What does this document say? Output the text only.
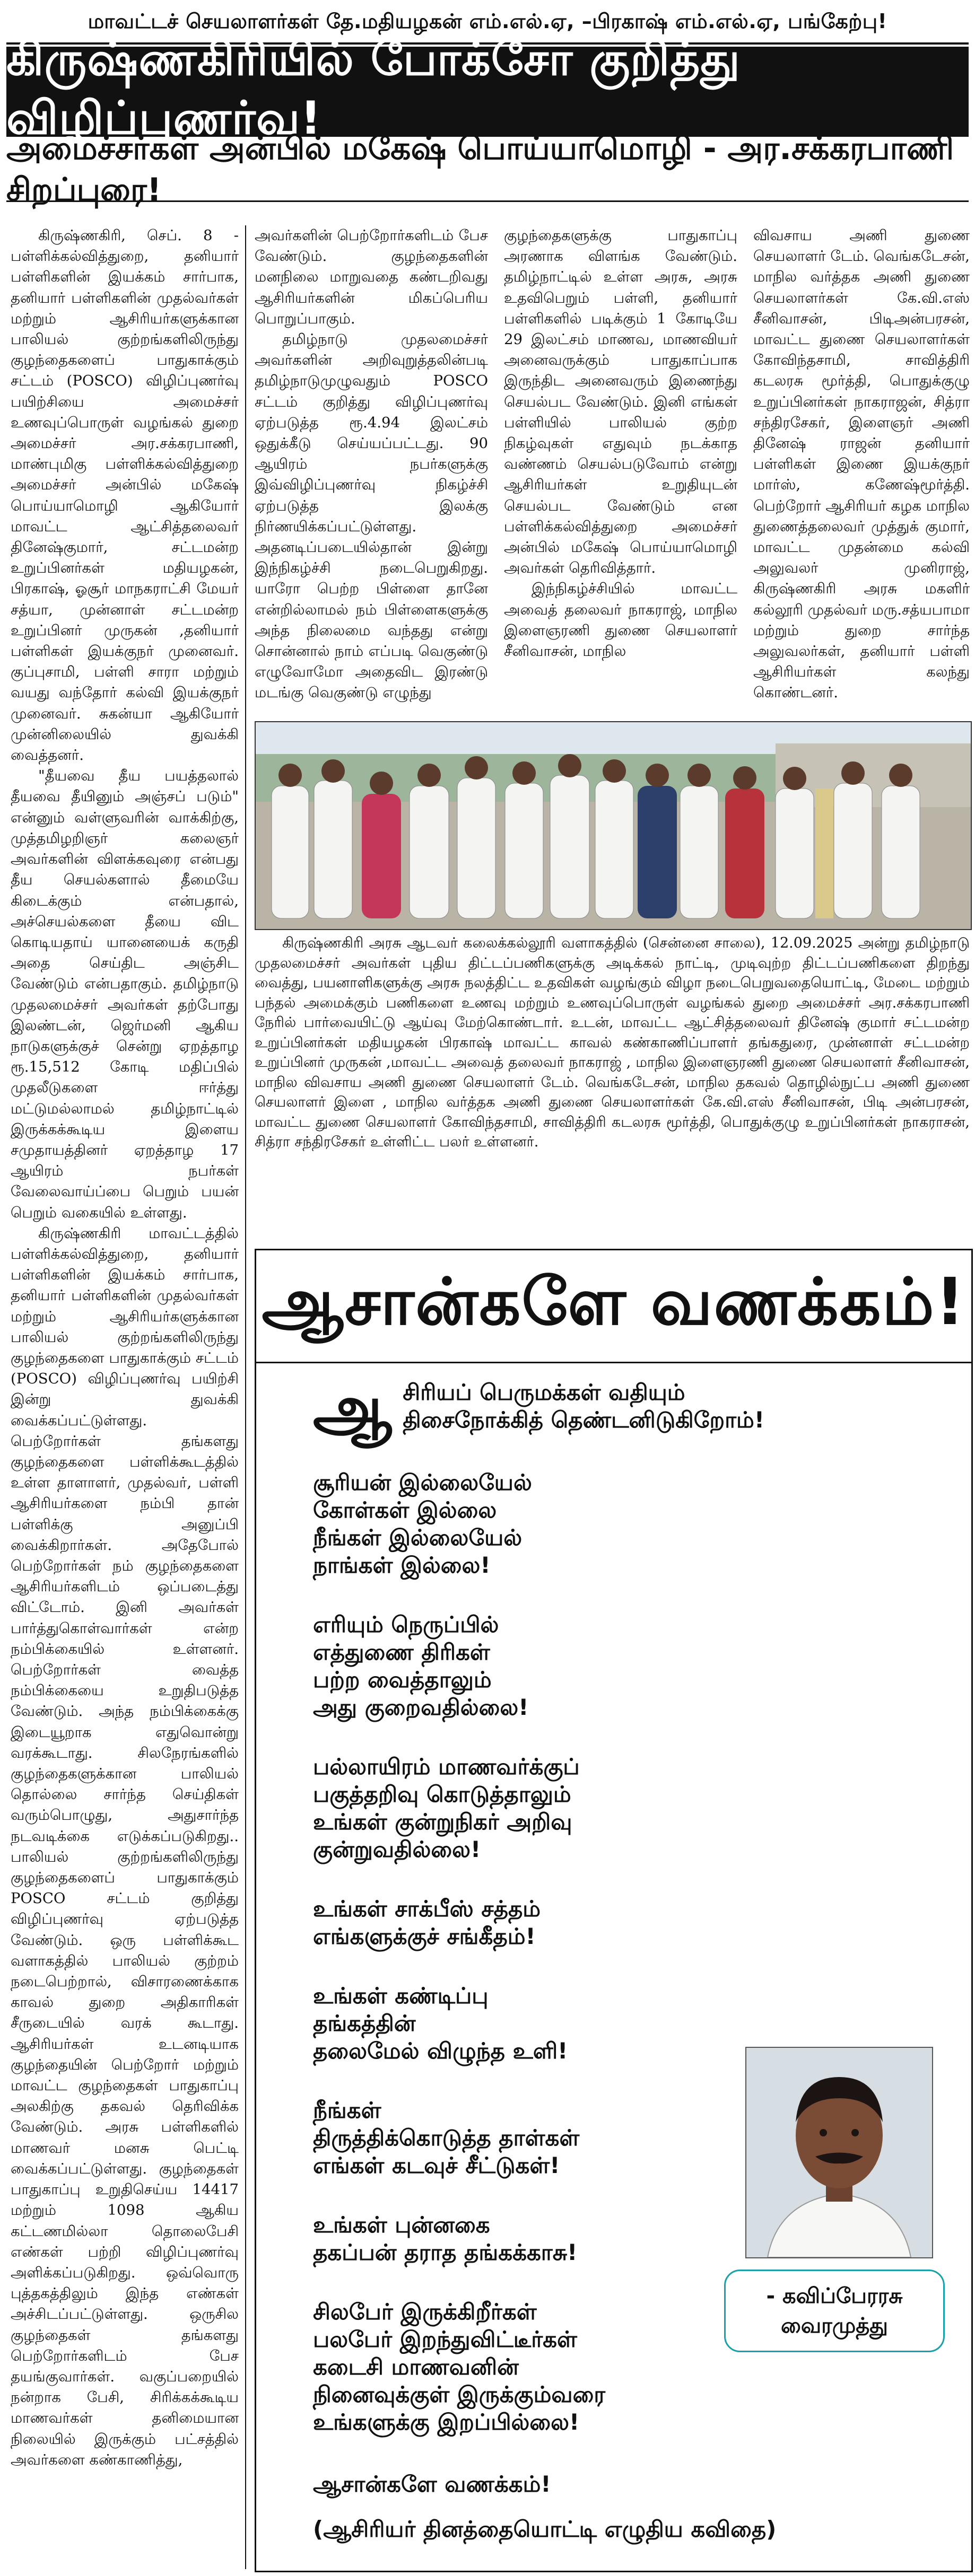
மாவட்டச் செயலாளர்கள் தே.மதியழகன் எம்.எல்.ஏ, –பிரகாஷ் எம்.எல்.ஏ, பங்கேற்பு!
கிருஷ்ணகிரியில் போக்சோ குறித்து விழிப்புணர்வு!
அமைச்சர்கள் அன்பில் மகேஷ் பொய்யாமொழி - அர.சக்கரபாணி சிறப்புரை!

கிருஷ்ணகிரி, செப். 8 - பள்ளிக்கல்வித்துறை, தனியார் பள்ளிகளின் இயக்கம் சார்பாக, தனியார் பள்ளிகளின் முதல்வர்கள் மற்றும் ஆசிரியர்களுக்கான பாலியல் குற்றங்களிலிருந்து குழந்தைகளைப் பாதுகாக்கும் சட்டம் (POSCO) விழிப்புணர்வு பயிற்சியை அமைச்சர் உணவுப்பொருள் வழங்கல் துறை அமைச்சர் அர.சக்கரபாணி, மாண்புமிகு பள்ளிக்கல்வித்துறை அமைச்சர் அன்பில் மகேஷ் பொய்யாமொழி ஆகியோர் மாவட்ட ஆட்சித்தலைவர் தினேஷ்குமார், சட்டமன்ற உறுப்பினர்கள் மதியழகன், பிரகாஷ், ஓசூர் மாநகராட்சி மேயர் சத்யா, முன்னாள் சட்டமன்ற உறுப்பினர் முருகன் ,தனியார் பள்ளிகள் இயக்குநர் முனைவர். குப்புசாமி, பள்ளி சாரா மற்றும் வயது வந்தோர் கல்வி இயக்குநர் முனைவர். சுகன்யா ஆகியோர் முன்னிலையில் துவக்கி வைத்தனர்.

"தீயவை தீய பயத்தலால் தீயவை தீயினும் அஞ்சப் படும்" என்னும் வள்ளுவரின் வாக்கிற்கு, முத்தமிழறிஞர் கலைஞர் அவர்களின் விளக்கவுரை என்பது தீய செயல்களால் தீமையே கிடைக்கும் என்பதால், அச்செயல்களை தீயை விட கொடியதாய் யானையைக் கருதி அதை செய்திட அஞ்சிட வேண்டும் என்பதாகும். தமிழ்நாடு முதலமைச்சர் அவர்கள் தற்போது இலண்டன், ஜெர்மனி ஆகிய நாடுகளுக்குச் சென்று ஏறத்தாழ ரூ.15,512 கோடி மதிப்பில் முதலீடுகளை ஈர்த்து மட்டுமல்லாமல் தமிழ்நாட்டில் இருக்கக்கூடிய இளைய சமுதாயத்தினர் ஏறத்தாழ 17 ஆயிரம் நபர்கள் வேலைவாய்ப்பை பெறும் பயன் பெறும் வகையில் உள்ளது.

கிருஷ்ணகிரி மாவட்டத்தில் பள்ளிக்கல்வித்துறை, தனியார் பள்ளிகளின் இயக்கம் சார்பாக, தனியார் பள்ளிகளின் முதல்வர்கள் மற்றும் ஆசிரியர்களுக்கான பாலியல் குற்றங்களிலிருந்து குழந்தைகளை பாதுகாக்கும் சட்டம் (POSCO) விழிப்புணர்வு பயிற்சி இன்று துவக்கி வைக்கப்பட்டுள்ளது. பெற்றோர்கள் தங்களது குழந்தைகளை பள்ளிக்கூடத்தில் உள்ள தாளாளர், முதல்வர், பள்ளி ஆசிரியர்களை நம்பி தான் பள்ளிக்கு அனுப்பி வைக்கிறார்கள். அதேபோல் பெற்றோர்கள் நம் குழந்தைகளை ஆசிரியர்களிடம் ஒப்படைத்து விட்டோம். இனி அவர்கள் பார்த்துகொள்வார்கள் என்ற நம்பிக்கையில் உள்ளனர். பெற்றோர்கள் வைத்த நம்பிக்கையை உறுதிபடுத்த வேண்டும். அந்த நம்பிக்கைக்கு இடையூறாக எதுவொன்று வரக்கூடாது. சிலநேரங்களில் குழந்தைகளுக்கான பாலியல் தொல்லை சார்ந்த செய்திகள் வரும்பொழுது, அதுசார்ந்த நடவடிக்கை எடுக்கப்படுகிறது.. பாலியல் குற்றங்களிலிருந்து குழந்தைகளைப் பாதுகாக்கும் POSCO சட்டம் குறித்து விழிப்புணர்வு ஏற்படுத்த வேண்டும். ஒரு பள்ளிக்கூட வளாகத்தில் பாலியல் குற்றம் நடைபெற்றால், விசாரணைக்காக காவல் துறை அதிகாரிகள் சீருடையில் வரக் கூடாது. ஆசிரியர்கள் உடனடியாக குழந்தையின் பெற்றோர் மற்றும் மாவட்ட குழந்தைகள் பாதுகாப்பு அலகிற்கு தகவல் தெரிவிக்க வேண்டும். அரசு பள்ளிகளில் மாணவர் மனசு பெட்டி வைக்கப்பட்டுள்ளது. குழந்தைகள் பாதுகாப்பு உறுதிசெய்ய 14417 மற்றும் 1098 ஆகிய கட்டணமில்லா தொலைபேசி எண்கள் பற்றி விழிப்புணர்வு அளிக்கப்படுகிறது. ஒவ்வொரு புத்தகத்திலும் இந்த எண்கள் அச்சிடப்பட்டுள்ளது. ஒருசில குழந்தைகள் தங்களது பெற்றோர்களிடம் பேச தயங்குவார்கள். வகுப்பறையில் நன்றாக பேசி, சிரிக்கக்கூடிய மாணவர்கள் தனிமையான நிலையில் இருக்கும் பட்சத்தில் அவர்களை கண்காணித்து,

அவர்களின் பெற்றோர்களிடம் பேச வேண்டும். குழந்தைகளின் மனநிலை மாறுவதை கண்டறிவது ஆசிரியர்களின் மிகப்பெரிய பொறுப்பாகும்.

தமிழ்நாடு முதலமைச்சர் அவர்களின் அறிவுறுத்தலின்படி தமிழ்நாடுமுழுவதும் POSCO சட்டம் குறித்து விழிப்புணர்வு ஏற்படுத்த ரூ.4.94 இலட்சம் ஒதுக்கீடு செய்யப்பட்டது. 90 ஆயிரம் நபர்களுக்கு இவ்விழிப்புணர்வு நிகழ்ச்சி ஏற்படுத்த இலக்கு நிர்ணயிக்கப்பட்டுள்ளது. அதனடிப்படையில்தான் இன்று இந்நிகழ்ச்சி நடைபெறுகிறது. யாரோ பெற்ற பிள்ளை தானே என்றில்லாமல் நம் பிள்ளைகளுக்கு அந்த நிலைமை வந்தது என்று சொன்னால் நாம் எப்படி வெகுண்டு எழுவோமோ அதைவிட இரண்டு மடங்கு வெகுண்டு எழுந்து

குழந்தைகளுக்கு பாதுகாப்பு அரணாக விளங்க வேண்டும். தமிழ்நாட்டில் உள்ள அரசு, அரசு உதவிபெறும் பள்ளி, தனியார் பள்ளிகளில் படிக்கும் 1 கோடியே 29 இலட்சம் மாணவ, மாணவியர் அனைவருக்கும் பாதுகாப்பாக இருந்திட அனைவரும் இணைந்து செயல்பட வேண்டும். இனி எங்கள் பள்ளியில் பாலியல் குற்ற நிகழ்வுகள் எதுவும் நடக்காத வண்ணம் செயல்படுவோம் என்று ஆசிரியர்கள் உறுதியுடன் செயல்பட வேண்டும் என பள்ளிக்கல்வித்துறை அமைச்சர் அன்பில் மகேஷ் பொய்யாமொழி அவர்கள் தெரிவித்தார்.

இந்நிகழ்ச்சியில் மாவட்ட அவைத் தலைவர் நாகராஜ், மாநில இளைஞரணி துணை செயலாளர் சீனிவாசன், மாநில

விவசாய அணி துணை செயலாளர் டேம். வெங்கடேசன், மாநில வர்த்தக அணி துணை செயலாளர்கள் கே.வி.எஸ் சீனிவாசன், பிடிஅன்பரசன், மாவட்ட துணை செயலாளர்கள் கோவிந்தசாமி, சாவித்திரி கடலரசு மூர்த்தி, பொதுக்குழு உறுப்பினர்கள் நாகராஜன், சித்ரா சந்திரசேகர், இளைஞர் அணி தினேஷ் ராஜன் தனியார் பள்ளிகள் இணை இயக்குநர் மார்ஸ், கணேஷ்மூர்த்தி. பெற்றோர் ஆசிரியர் கழக மாநில துணைத்தலைவர் முத்துக் குமார், மாவட்ட முதன்மை கல்வி அலுவலர் முனிராஜ், கிருஷ்ணகிரி அரசு மகளிர் கல்லூரி முதல்வர் மரு.சத்யபாமா மற்றும் துறை சார்ந்த அலுவலர்கள், தனியார் பள்ளி ஆசிரியர்கள் கலந்து கொண்டனர்.

கிருஷ்ணகிரி அரசு ஆடவர் கலைக்கல்லூரி வளாகத்தில் (சென்னை சாலை), 12.09.2025 அன்று தமிழ்நாடு முதலமைச்சர் அவர்கள் புதிய திட்டப்பணிகளுக்கு அடிக்கல் நாட்டி, முடிவுற்ற திட்டப்பணிகளை திறந்து வைத்து, பயனாளிகளுக்கு அரசு நலத்திட்ட உதவிகள் வழங்கும் விழா நடைபெறுவதையொட்டி, மேடை மற்றும் பந்தல் அமைக்கும் பணிகளை உணவு மற்றும் உணவுப்பொருள் வழங்கல் துறை அமைச்சர் அர.சக்கரபாணி நேரில் பார்வையிட்டு ஆய்வு மேற்கொண்டார். உடன், மாவட்ட ஆட்சித்தலைவர் தினேஷ் குமார் சட்டமன்ற உறுப்பினர்கள் மதியழகன் பிரகாஷ் மாவட்ட காவல் கண்காணிப்பாளர் தங்கதுரை, முன்னாள் சட்டமன்ற உறுப்பினர் முருகன் ,மாவட்ட அவைத் தலைவர் நாகராஜ் , மாநில இளைஞரணி துணை செயலாளர் சீனிவாசன், மாநில விவசாய அணி துணை செயலாளர் டேம். வெங்கடேசன், மாநில தகவல் தொழில்நுட்ப அணி துணை செயலாளர் இளை , மாநில வர்த்தக அணி துணை செயலாளர்கள் கே.வி.எஸ் சீனிவாசன், பிடி அன்பரசன், மாவட்ட துணை செயலாளர் கோவிந்தசாமி, சாவித்திரி கடலரசு மூர்த்தி, பொதுக்குழு உறுப்பினர்கள் நாகராசன், சித்ரா சந்திரசேகர் உள்ளிட்ட பலர் உள்ளனர்.
ஆசான்களே வணக்கம்!
ஆ சிரியப் பெருமக்கள் வதியும்
திசைநோக்கித் தெண்டனிடுகிறோம்!
சூரியன் இல்லையேல்
கோள்கள் இல்லை
நீங்கள் இல்லையேல்
நாங்கள் இல்லை!
எரியும் நெருப்பில்
எத்துணை திரிகள்
பற்ற வைத்தாலும்
அது குறைவதில்லை!
பல்லாயிரம் மாணவர்க்குப்
பகுத்தறிவு கொடுத்தாலும்
உங்கள் குன்றுநிகர் அறிவு
குன்றுவதில்லை!
உங்கள் சாக்பீஸ் சத்தம்
எங்களுக்குச் சங்கீதம்!
உங்கள் கண்டிப்பு
தங்கத்தின்
தலைமேல் விழுந்த உளி!
நீங்கள்
திருத்திக்கொடுத்த தாள்கள்
எங்கள் கடவுச் சீட்டுகள்!
உங்கள் புன்னகை
தகப்பன் தராத தங்கக்காசு!
சிலபேர் இருக்கிறீர்கள்
பலபேர் இறந்துவிட்டீர்கள்
கடைசி மாணவனின்
நினைவுக்குள் இருக்கும்வரை
உங்களுக்கு இறப்பில்லை!
ஆசான்களே வணக்கம்!
(ஆசிரியர் தினத்தையொட்டி எழுதிய கவிதை)
- கவிப்பேரரசு
வைரமுத்து
